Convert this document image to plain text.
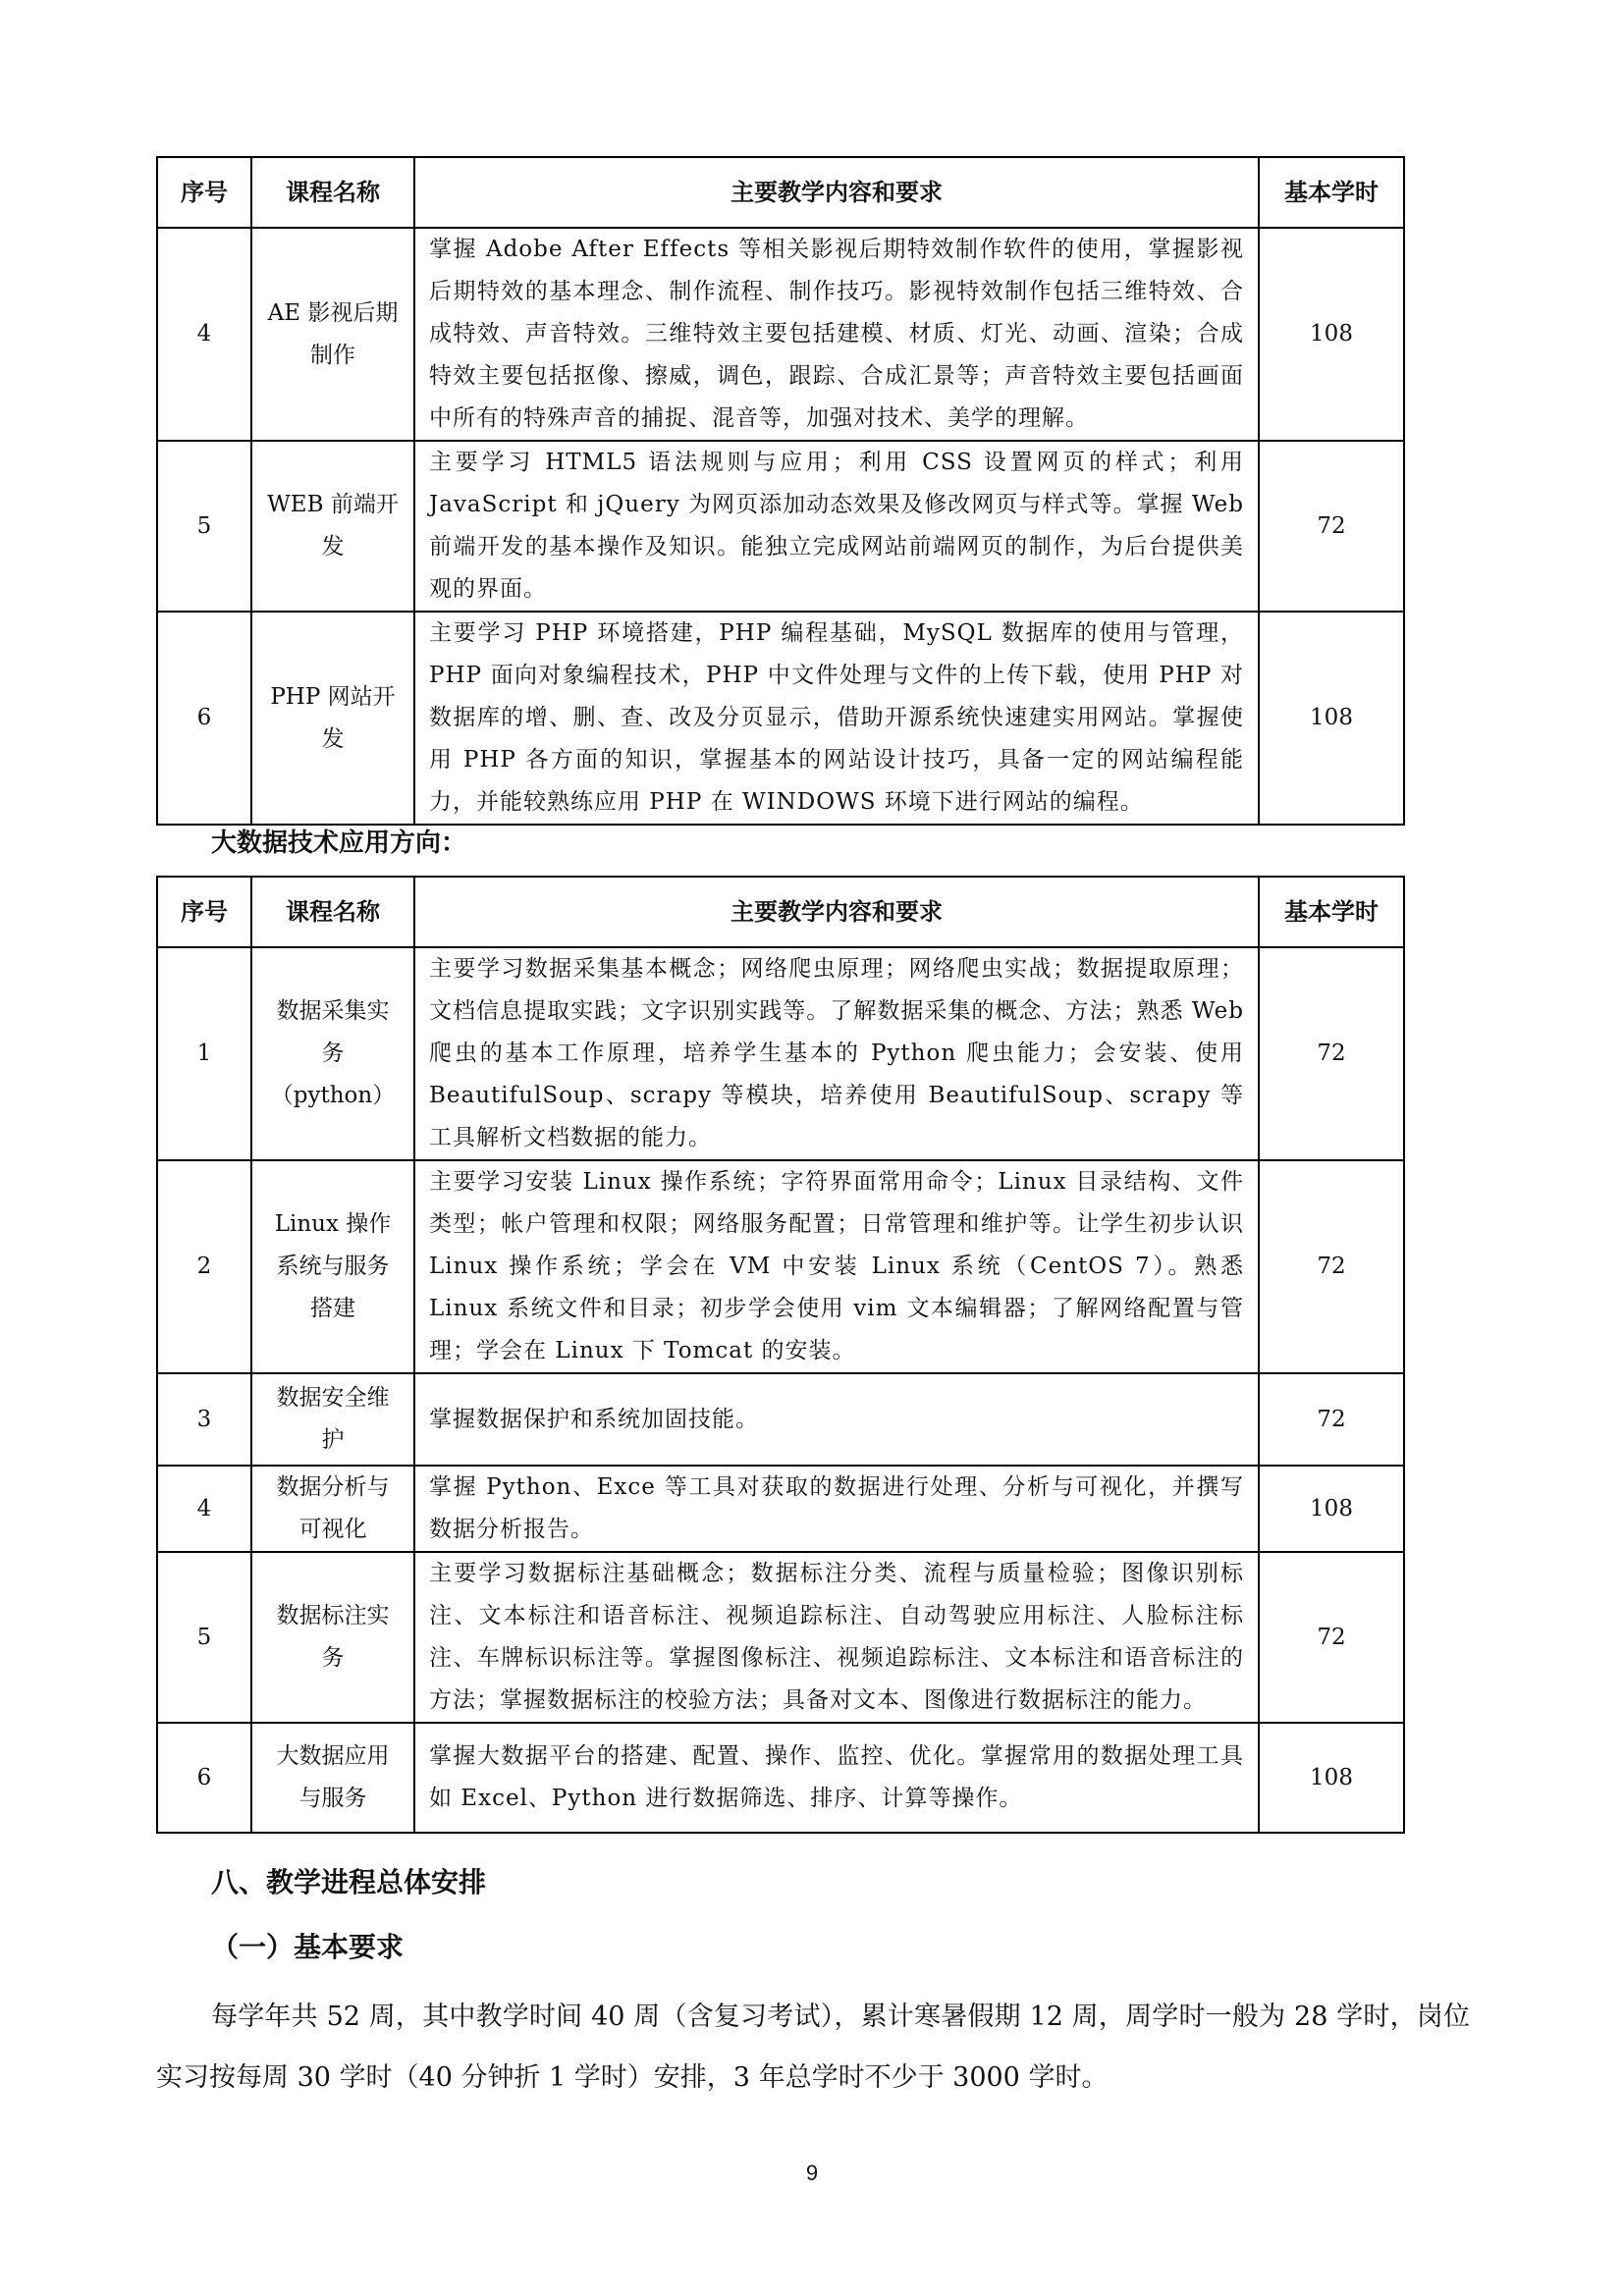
序号	课程名称	主要教学内容和要求	基本学时
4	AE 影视后期制作	掌握 Adobe After Effects 等相关影视后期特效制作软件的使用，掌握影视后期特效的基本理念、制作流程、制作技巧。影视特效制作包括三维特效、合成特效、声音特效。三维特效主要包括建模、材质、灯光、动画、渲染；合成特效主要包括抠像、擦威，调色，跟踪、合成汇景等；声音特效主要包括画面中所有的特殊声音的捕捉、混音等，加强对技术、美学的理解。	108
5	WEB 前端开发	主要学习 HTML5 语法规则与应用；利用 CSS 设置网页的样式；利用 JavaScript 和 jQuery 为网页添加动态效果及修改网页与样式等。掌握 Web 前端开发的基本操作及知识。能独立完成网站前端网页的制作，为后台提供美观的界面。	72
6	PHP 网站开发	主要学习 PHP 环境搭建，PHP 编程基础，MySQL 数据库的使用与管理，PHP 面向对象编程技术，PHP 中文件处理与文件的上传下载，使用 PHP 对数据库的增、删、查、改及分页显示，借助开源系统快速建实用网站。掌握使用 PHP 各方面的知识，掌握基本的网站设计技巧，具备一定的网站编程能力，并能较熟练应用 PHP 在 WINDOWS 环境下进行网站的编程。	108
大数据技术应用方向：
序号	课程名称	主要教学内容和要求	基本学时
1	数据采集实务（python）	主要学习数据采集基本概念；网络爬虫原理；网络爬虫实战；数据提取原理；文档信息提取实践；文字识别实践等。了解数据采集的概念、方法；熟悉 Web 爬虫的基本工作原理，培养学生基本的 Python 爬虫能力；会安装、使用 BeautifulSoup、scrapy 等模块，培养使用 BeautifulSoup、scrapy 等工具解析文档数据的能力。	72
2	Linux 操作系统与服务搭建	主要学习安装 Linux 操作系统；字符界面常用命令；Linux 目录结构、文件类型；帐户管理和权限；网络服务配置；日常管理和维护等。让学生初步认识 Linux 操作系统；学会在 VM 中安装 Linux 系统（CentOS 7）。熟悉 Linux 系统文件和目录；初步学会使用 vim 文本编辑器；了解网络配置与管理；学会在 Linux 下 Tomcat 的安装。	72
3	数据安全维护	掌握数据保护和系统加固技能。	72
4	数据分析与可视化	掌握 Python、Exce 等工具对获取的数据进行处理、分析与可视化，并撰写数据分析报告。	108
5	数据标注实务	主要学习数据标注基础概念；数据标注分类、流程与质量检验；图像识别标注、文本标注和语音标注、视频追踪标注、自动驾驶应用标注、人脸标注标注、车牌标识标注等。掌握图像标注、视频追踪标注、文本标注和语音标注的方法；掌握数据标注的校验方法；具备对文本、图像进行数据标注的能力。	72
6	大数据应用与服务	掌握大数据平台的搭建、配置、操作、监控、优化。掌握常用的数据处理工具如 Excel、Python 进行数据筛选、排序、计算等操作。	108
八、教学进程总体安排
（一）基本要求
每学年共 52 周，其中教学时间 40 周（含复习考试），累计寒暑假期 12 周，周学时一般为 28 学时，岗位实习按每周 30 学时（40 分钟折 1 学时）安排，3 年总学时不少于 3000 学时。
9
